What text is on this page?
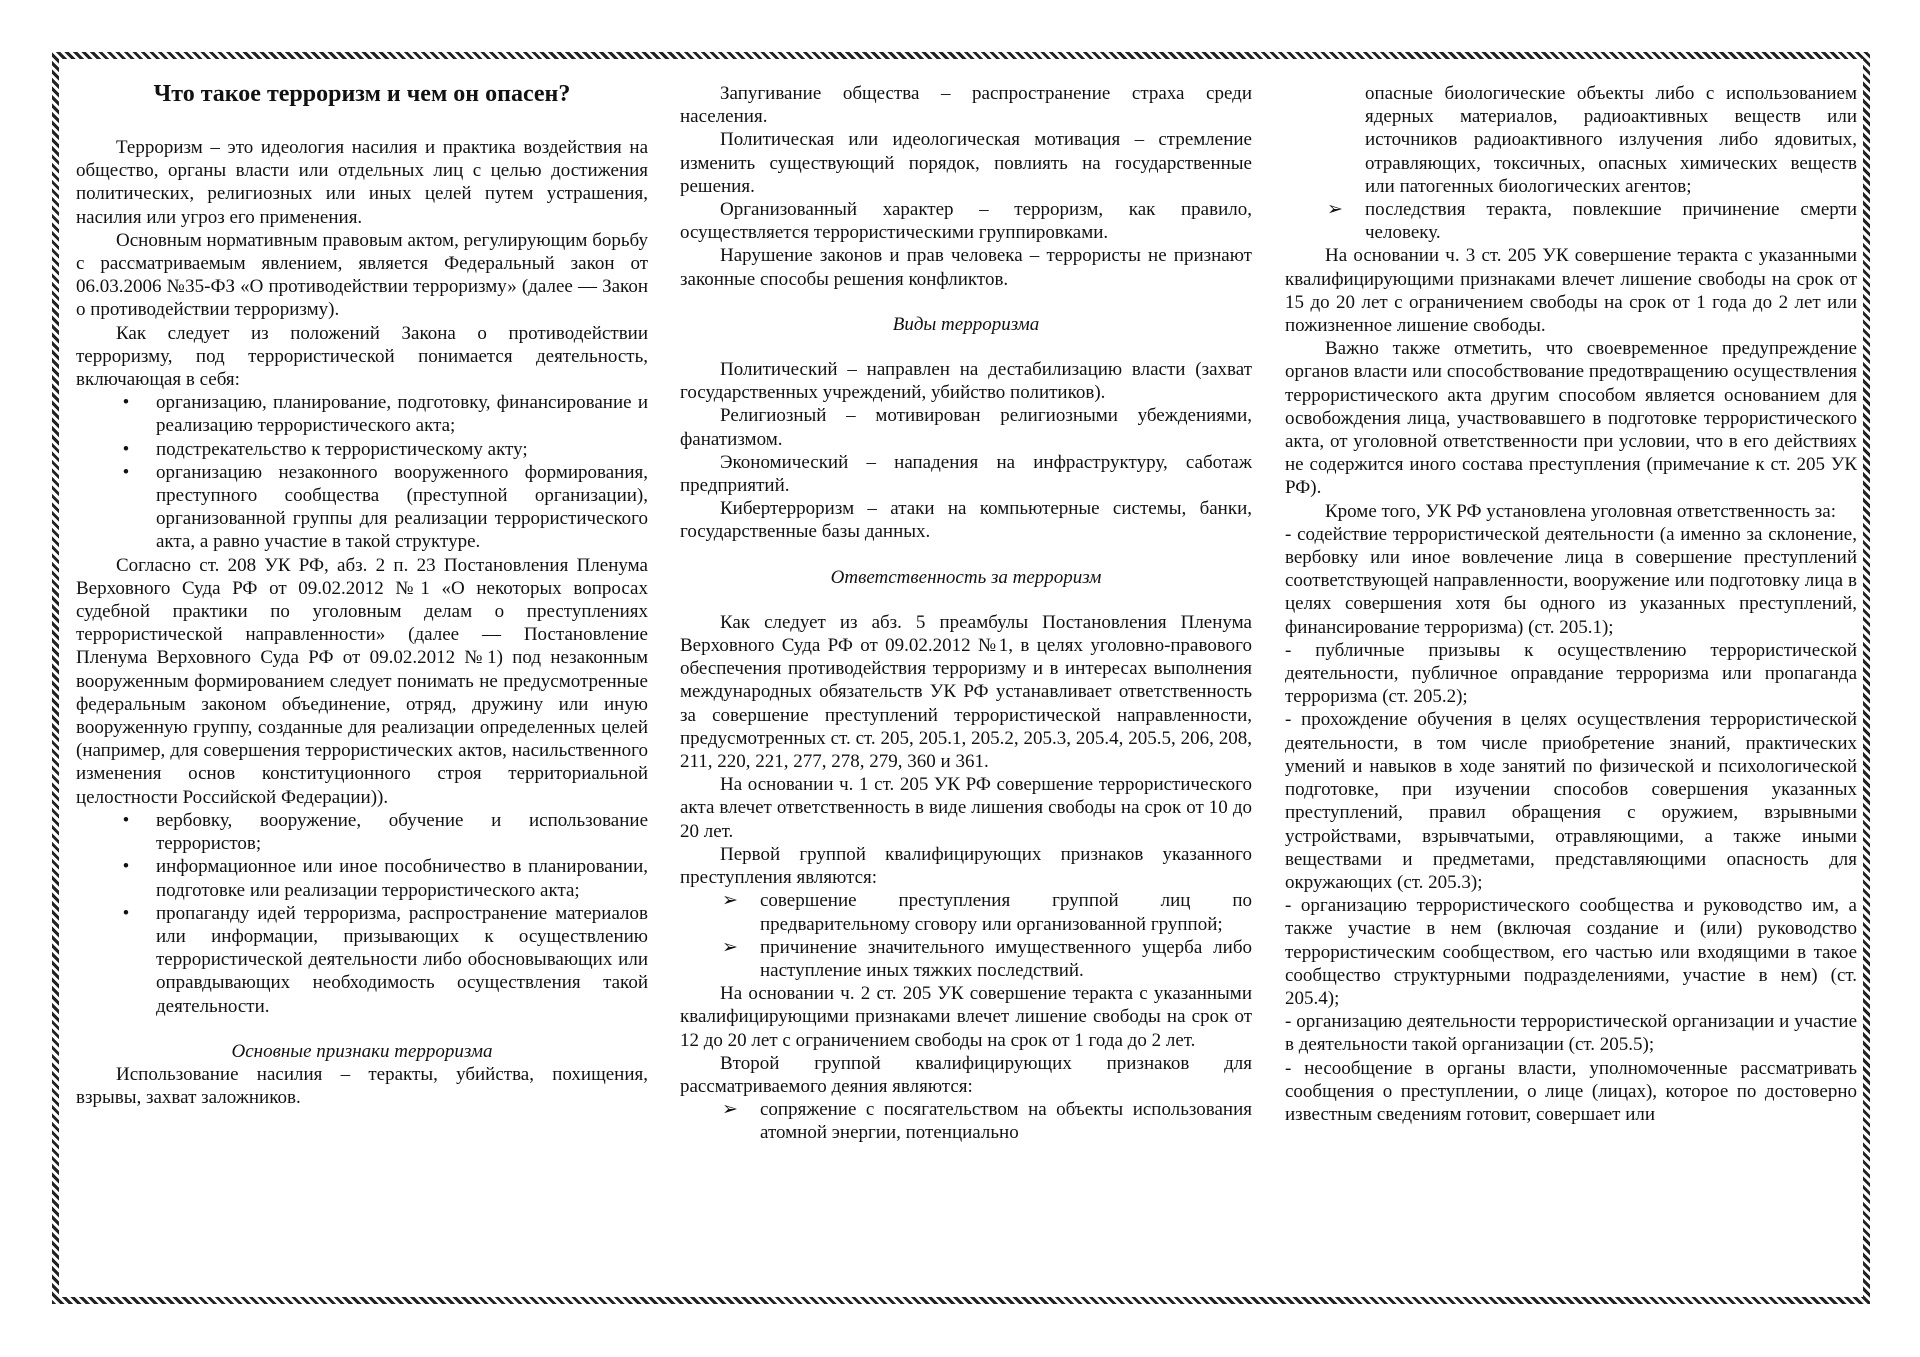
Что такое терроризм и чем он опасен?

Терроризм – это идеология насилия и практика воздействия на общество, органы власти или отдельных лиц с целью достижения политических, религиозных или иных целей путем устрашения, насилия или угроз его применения.

Основным нормативным правовым актом, регулирующим борьбу с рассматриваемым явлением, является Федеральный закон от 06.03.2006 №35-ФЗ «О противодействии терроризму» (далее — Закон о противодействии терроризму).

Как следует из положений Закона о противодействии терроризму, под террористической понимается деятельность, включающая в себя:

•	организацию, планирование, подготовку, финансирование и реализацию террористического акта;
•	подстрекательство к террористическому акту;
•	организацию незаконного вооруженного формирования, преступного сообщества (преступной организации), организованной группы для реализации террористического акта, а равно участие в такой структуре.

Согласно ст. 208 УК РФ, абз. 2 п. 23 Постановления Пленума Верховного Суда РФ от 09.02.2012 №1 «О некоторых вопросах судебной практики по уголовным делам о преступлениях террористической направленности» (далее — Постановление Пленума Верховного Суда РФ от 09.02.2012 №1) под незаконным вооруженным формированием следует понимать не предусмотренные федеральным законом объединение, отряд, дружину или иную вооруженную группу, созданные для реализации определенных целей (например, для совершения террористических актов, насильственного изменения основ конституционного строя территориальной целостности Российской Федерации)).

•	вербовку, вооружение, обучение и использование террористов;
•	информационное или иное пособничество в планировании, подготовке или реализации террористического акта;
•	пропаганду идей терроризма, распространение материалов или информации, призывающих к осуществлению террористической деятельности либо обосновывающих или оправдывающих необходимость осуществления такой деятельности.

Основные признаки терроризма

Использование насилия – теракты, убийства, похищения, взрывы, захват заложников.

Запугивание общества – распространение страха среди населения.

Политическая или идеологическая мотивация – стремление изменить существующий порядок, повлиять на государственные решения.

Организованный характер – терроризм, как правило, осуществляется террористическими группировками.

Нарушение законов и прав человека – террористы не признают законные способы решения конфликтов.

Виды терроризма

Политический – направлен на дестабилизацию власти (захват государственных учреждений, убийство политиков).

Религиозный – мотивирован религиозными убеждениями, фанатизмом.

Экономический – нападения на инфраструктуру, саботаж предприятий.

Кибертерроризм – атаки на компьютерные системы, банки, государственные базы данных.

Ответственность за терроризм

Как следует из абз. 5 преамбулы Постановления Пленума Верховного Суда РФ от 09.02.2012 №1, в целях уголовно-правового обеспечения противодействия терроризму и в интересах выполнения международных обязательств УК РФ устанавливает ответственность за совершение преступлений террористической направленности, предусмотренных ст. ст. 205, 205.1, 205.2, 205.3, 205.4, 205.5, 206, 208, 211, 220, 221, 277, 278, 279, 360 и 361.

На основании ч. 1 ст. 205 УК РФ совершение террористического акта влечет ответственность в виде лишения свободы на срок от 10 до 20 лет.

Первой группой квалифицирующих признаков указанного преступления являются:

➢ совершение преступления группой лиц по предварительному сговору или организованной группой;
➢ причинение значительного имущественного ущерба либо наступление иных тяжких последствий.

На основании ч. 2 ст. 205 УК совершение теракта с указанными квалифицирующими признаками влечет лишение свободы на срок от 12 до 20 лет с ограничением свободы на срок от 1 года до 2 лет.

Второй группой квалифицирующих признаков для рассматриваемого деяния являются:

➢ сопряжение с посягательством на объекты использования атомной энергии, потенциально

опасные биологические объекты либо с использованием ядерных материалов, радиоактивных веществ или источников радиоактивного излучения либо ядовитых, отравляющих, токсичных, опасных химических веществ или патогенных биологических агентов;

➢ последствия теракта, повлекшие причинение смерти человеку.

На основании ч. 3 ст. 205 УК совершение теракта с указанными квалифицирующими признаками влечет лишение свободы на срок от 15 до 20 лет с ограничением свободы на срок от 1 года до 2 лет или пожизненное лишение свободы.

Важно также отметить, что своевременное предупреждение органов власти или способствование предотвращению осуществления террористического акта другим способом является основанием для освобождения лица, участвовавшего в подготовке террористического акта, от уголовной ответственности при условии, что в его действиях не содержится иного состава преступления (примечание к ст. 205 УК РФ).

Кроме того, УК РФ установлена уголовная ответственность за:

- содействие террористической деятельности (а именно за склонение, вербовку или иное вовлечение лица в совершение преступлений соответствующей направленности, вооружение или подготовку лица в целях совершения хотя бы одного из указанных преступлений, финансирование терроризма) (ст. 205.1);

- публичные призывы к осуществлению террористической деятельности, публичное оправдание терроризма или пропаганда терроризма (ст. 205.2);

- прохождение обучения в целях осуществления террористической деятельности, в том числе приобретение знаний, практических умений и навыков в ходе занятий по физической и психологической подготовке, при изучении способов совершения указанных преступлений, правил обращения с оружием, взрывными устройствами, взрывчатыми, отравляющими, а также иными веществами и предметами, представляющими опасность для окружающих (ст. 205.3);

- организацию террористического сообщества и руководство им, а также участие в нем (включая создание и (или) руководство террористическим сообществом, его частью или входящими в такое сообщество структурными подразделениями, участие в нем) (ст. 205.4);

- организацию деятельности террористической организации и участие в деятельности такой организации (ст. 205.5);

- несообщение в органы власти, уполномоченные рассматривать сообщения о преступлении, о лице (лицах), которое по достоверно известным сведениям готовит, совершает или
